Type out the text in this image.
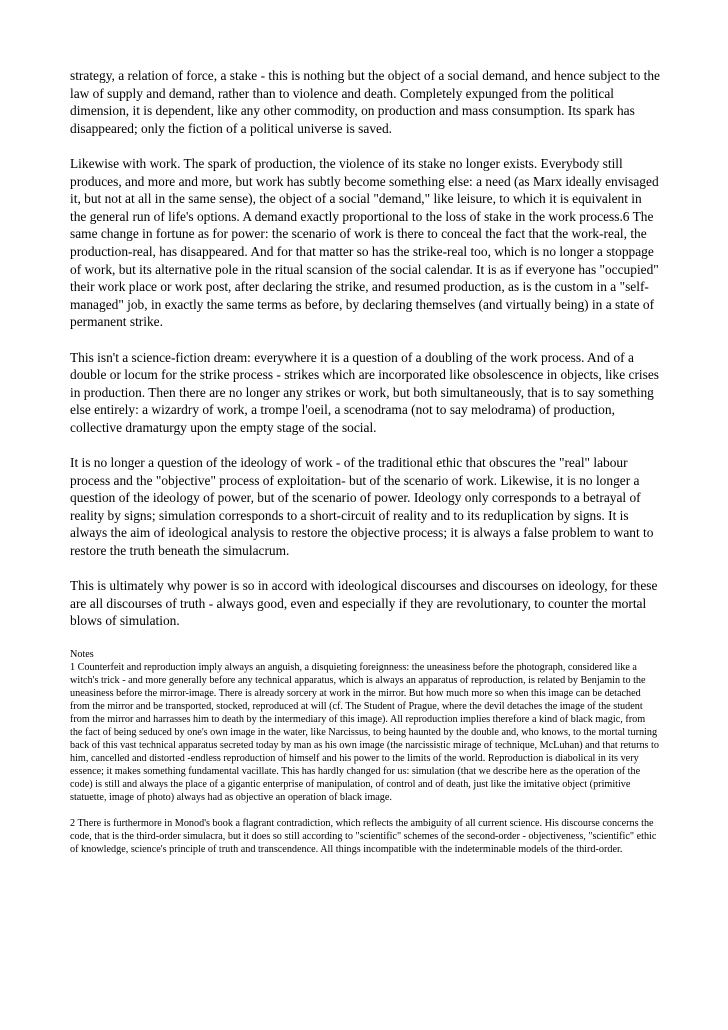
strategy, a relation of force, a stake - this is nothing but the object of a social demand, and hence subject to the law of supply and demand, rather than to violence and death. Completely expunged from the political dimension, it is dependent, like any other commodity, on production and mass consumption. Its spark has disappeared; only the fiction of a political universe is saved.

Likewise with work. The spark of production, the violence of its stake no longer exists. Everybody still produces, and more and more, but work has subtly become something else: a need (as Marx ideally envisaged it, but not at all in the same sense), the object of a social "demand," like leisure, to which it is equivalent in the general run of life's options. A demand exactly proportional to the loss of stake in the work process.6 The same change in fortune as for power: the scenario of work is there to conceal the fact that the work-real, the production-real, has disappeared. And for that matter so has the strike-real too, which is no longer a stoppage of work, but its alternative pole in the ritual scansion of the social calendar. It is as if everyone has "occupied" their work place or work post, after declaring the strike, and resumed production, as is the custom in a "self-managed" job, in exactly the same terms as before, by declaring themselves (and virtually being) in a state of permanent strike.

This isn't a science-fiction dream: everywhere it is a question of a doubling of the work process. And of a double or locum for the strike process - strikes which are incorporated like obsolescence in objects, like crises in production. Then there are no longer any strikes or work, but both simultaneously, that is to say something else entirely: a wizardry of work, a trompe l'oeil, a scenodrama (not to say melodrama) of production, collective dramaturgy upon the empty stage of the social.

It is no longer a question of the ideology of work - of the traditional ethic that obscures the "real" labour process and the "objective" process of exploitation- but of the scenario of work. Likewise, it is no longer a question of the ideology of power, but of the scenario of power. Ideology only corresponds to a betrayal of reality by signs; simulation corresponds to a short-circuit of reality and to its reduplication by signs. It is always the aim of ideological analysis to restore the objective process; it is always a false problem to want to restore the truth beneath the simulacrum.

This is ultimately why power is so in accord with ideological discourses and discourses on ideology, for these are all discourses of truth - always good, even and especially if they are revolutionary, to counter the mortal blows of simulation.

Notes

1 Counterfeit and reproduction imply always an anguish, a disquieting foreignness: the uneasiness before the photograph, considered like a witch's trick - and more generally before any technical apparatus, which is always an apparatus of reproduction, is related by Benjamin to the uneasiness before the mirror-image. There is already sorcery at work in the mirror. But how much more so when this image can be detached from the mirror and be transported, stocked, reproduced at will (cf. The Student of Prague, where the devil detaches the image of the student from the mirror and harrasses him to death by the intermediary of this image). All reproduction implies therefore a kind of black magic, from the fact of being seduced by one's own image in the water, like Narcissus, to being haunted by the double and, who knows, to the mortal turning back of this vast technical apparatus secreted today by man as his own image (the narcissistic mirage of technique, McLuhan) and that returns to him, cancelled and distorted -endless reproduction of himself and his power to the limits of the world. Reproduction is diabolical in its very essence; it makes something fundamental vacillate. This has hardly changed for us: simulation (that we describe here as the operation of the code) is still and always the place of a gigantic enterprise of manipulation, of control and of death, just like the imitative object (primitive statuette, image of photo) always had as objective an operation of black image.

2 There is furthermore in Monod's book a flagrant contradiction, which reflects the ambiguity of all current science. His discourse concerns the code, that is the third-order simulacra, but it does so still according to "scientific" schemes of the second-order - objectiveness, "scientific" ethic of knowledge, science's principle of truth and transcendence. All things incompatible with the indeterminable models of the third-order.
